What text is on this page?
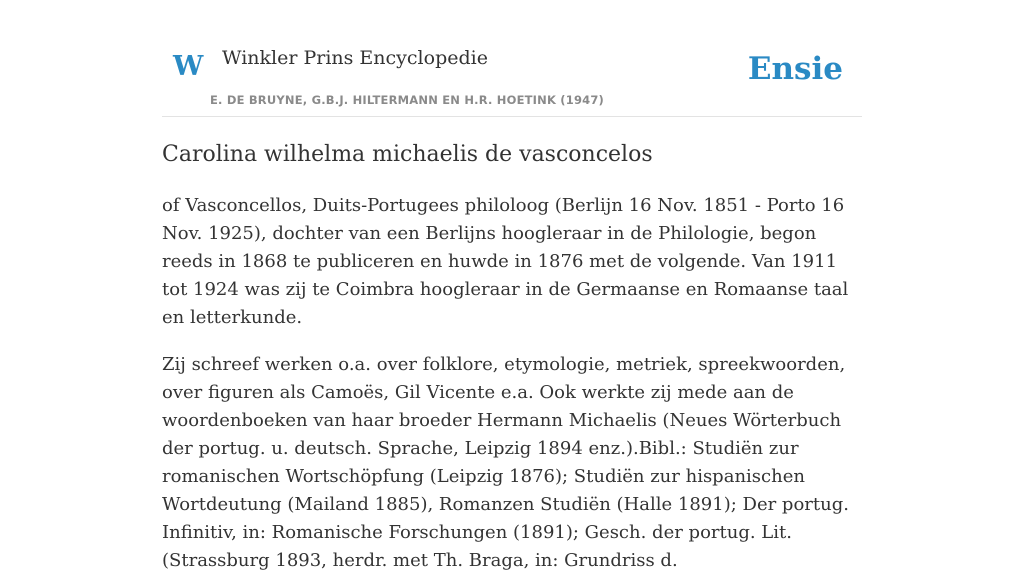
W Winkler Prins Encyclopedie
E. DE BRUYNE, G.B.J. HILTERMANN EN H.R. HOETINK (1947)
Ensie
Carolina wilhelma michaelis de vasconcelos

of Vasconcellos, Duits-Portugees philoloog (Berlijn 16 Nov. 1851 - Porto 16 Nov. 1925), dochter van een Berlijns hoogleraar in de Philologie, begon reeds in 1868 te publiceren en huwde in 1876 met de volgende. Van 1911 tot 1924 was zij te Coimbra hoogleraar in de Germaanse en Romaanse taal en letterkunde.

Zij schreef werken o.a. over folklore, etymologie, metriek, spreekwoorden, over figuren als Camoës, Gil Vicente e.a. Ook werkte zij mede aan de woordenboeken van haar broeder Hermann Michaelis (Neues Wörterbuch der portug. u. deutsch. Sprache, Leipzig 1894 enz.).Bibl.: Studiën zur romanischen Wortschöpfung (Leipzig 1876); Studiën zur hispanischen Wortdeutung (Mailand 1885), Romanzen Studiën (Halle 1891); Der portug. Infinitiv, in: Romanische Forschungen (1891); Gesch. der portug. Lit. (Strassburg 1893, herdr. met Th. Braga, in: Grundriss d.
